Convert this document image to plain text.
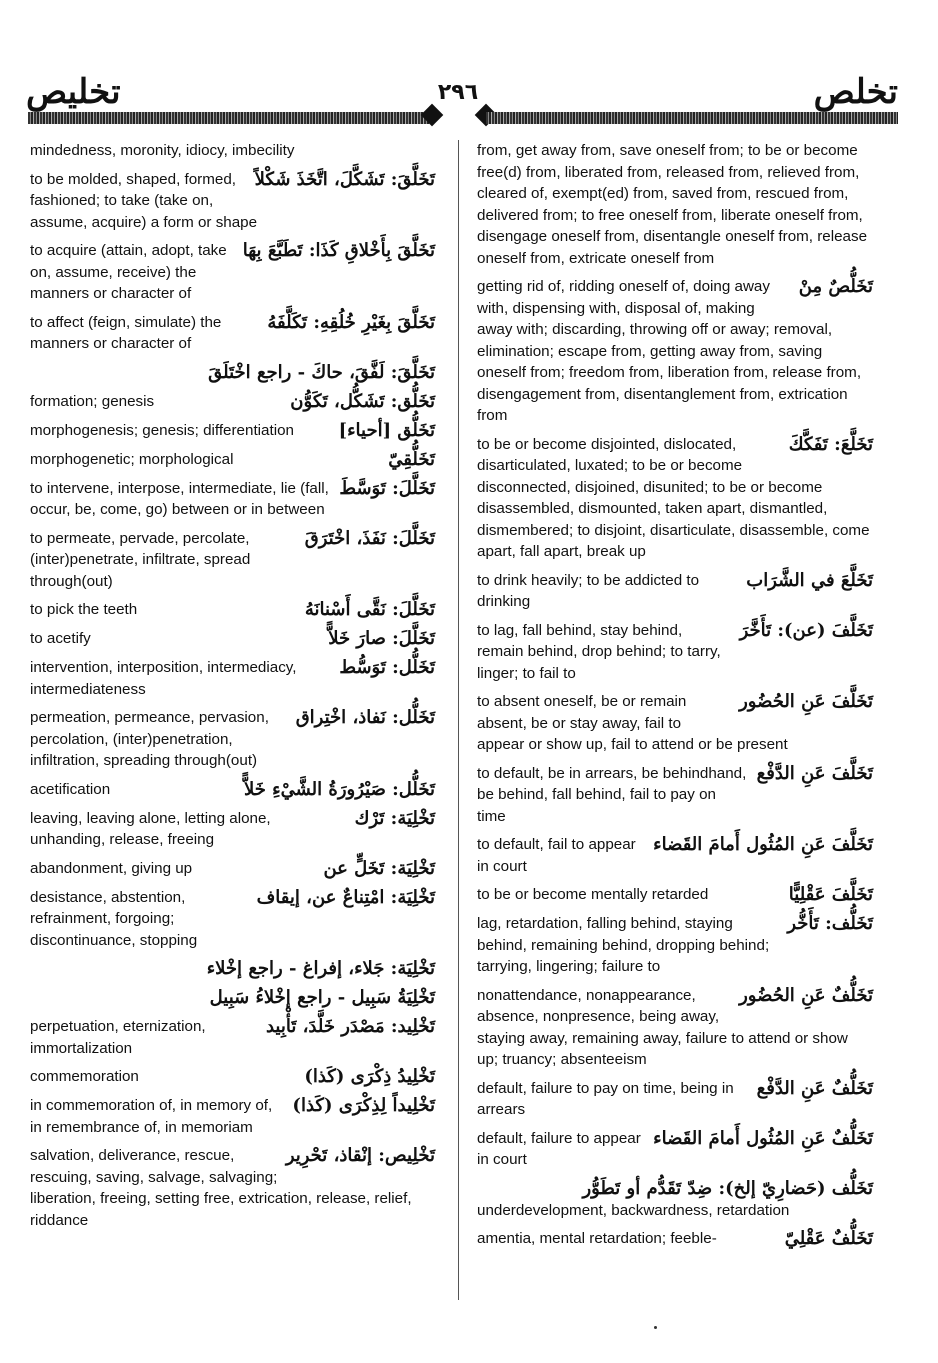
تخليص	٢٩٦	تخلص
mindedness, moronity, idiocy, imbecility
تَخَلَّقَ: تَشَكَّلَ، اتَّخَذَ شَكْلاً
to be molded, shaped, formed, fashioned; to take (take on, assume, acquire) a form or shape
تَخَلَّقَ بِأَخْلاقِ كَذَا: تَطَبَّعَ بِهَا
to acquire (attain, adopt, take on, assume, receive) the manners or character of
تَخَلَّقَ بِغَيْرِ خُلُقِهِ: تَكَلَّفَهُ
to affect (feign, simulate) the manners or character of
تَخَلَّقَ: لَفَّقَ، حاكَ - راجع اخْتَلَقَ
تَخَلُّق: تَشَكُّل، تَكَوُّن
formation; genesis
تَخَلُّق [أحياء]
morphogenesis; genesis; differentiation
تَخَلُّقِيّ
morphogenetic; morphological
تَخَلَّلَ: تَوَسَّطَ
to intervene, interpose, intermediate, lie (fall, occur, be, come, go) between or in between
تَخَلَّلَ: نَفَذَ، اخْتَرَقَ
to permeate, pervade, percolate, (inter)penetrate, infiltrate, spread through(out)
تَخَلَّلَ: نَقَّى أَسْنانَهُ
to pick the teeth
تَخَلَّلَ: صارَ خَلاًّ
to acetify
تَخَلُّل: تَوَسُّط
intervention, interposition, intermediacy, intermediateness
تَخَلُّل: نَفاذ، اخْتِراق
permeation, permeance, pervasion, percolation, (inter)penetration, infiltration, spreading through(out)
تَخَلُّل: صَيْرُورَةُ الشَّيْءِ خَلاًّ
acetification
تَخْلِيَة: تَرْك
leaving, leaving alone, letting alone, unhanding, release, freeing
تَخْلِيَة: تَخَلٍّ عن
abandonment, giving up
تَخْلِيَة: امْتِناعٌ عن، إيقاف
desistance, abstention, refrainment, forgoing; discontinuance, stopping
تَخْلِيَة: جَلاء، إفراغ - راجع إخْلاء
تَخْلِيَةُ سَبِيل - راجع إخْلاءُ سَبِيل
تَخْلِيد: مَصْدَر خَلَّدَ، تَأْبِيد
perpetuation, eternization, immortalization
تَخْلِيدُ ذِكْرَى (كَذا)
commemoration
تَخْلِيداً لِذِكْرَى (كَذا)
in commemoration of, in memory of, in remembrance of, in memoriam
تَخْلِيص: إنْقاذ، تَحْرِير
salvation, deliverance, rescue, rescuing, saving, salvage, salvaging; liberation, freeing, setting free, extrication, release, relief, riddance
from, get away from, save oneself from; to be or become free(d) from, liberated from, released from, relieved from, cleared of, exempt(ed) from, saved from, rescued from, delivered from; to free oneself from, liberate oneself from, disengage oneself from, disentangle oneself from, release oneself from, extricate oneself from
تَخَلُّصٌ مِنْ
getting rid of, ridding oneself of, doing away with, dispensing with, disposal of, making away with; discarding, throwing off or away; removal, elimination; escape from, getting away from, saving oneself from; freedom from, liberation from, release from, disengagement from, disentanglement from, extrication from
تَخَلَّعَ: تَفَكَّكَ
to be or become disjointed, dislocated, disarticulated, luxated; to be or become disconnected, disjoined, disunited; to be or become disassembled, dismounted, taken apart, dismantled, dismembered; to disjoint, disarticulate, disassemble, come apart, fall apart, break up
تَخَلَّعَ في الشَّرَاب
to drink heavily; to be addicted to drinking
تَخَلَّفَ (عن): تَأَخَّرَ
to lag, fall behind, stay behind, remain behind, drop behind; to tarry, linger; to fail to
تَخَلَّفَ عَنِ الحُضُور
to absent oneself, be or remain absent, be or stay away, fail to appear or show up, fail to attend or be present
تَخَلَّفَ عَنِ الدَّفْع
to default, be in arrears, be behindhand, be behind, fall behind, fail to pay on time
تَخَلَّفَ عَنِ المُثُول أَمامَ القَضاء
to default, fail to appear in court
تَخَلَّفَ عَقْلِيًّا
to be or become mentally retarded
تَخَلُّف: تَأَخُّر
lag, retardation, falling behind, staying behind, remaining behind, dropping behind; tarrying, lingering; failure to
تَخَلُّفٌ عَنِ الحُضُور
nonattendance, nonappearance, absence, nonpresence, being away, staying away, remaining away, failure to attend or show up; truancy; absenteeism
تَخَلُّفٌ عَنِ الدَّفْع
default, failure to pay on time, being in arrears
تَخَلُّفٌ عَنِ المُثُول أَمامَ القَضاء
default, failure to appear in court
تَخَلُّف (حَضارِيّ إلخ): ضِدّ تَقَدُّم أو تَطَوُّر
underdevelopment, backwardness, retardation
تَخَلُّفٌ عَقْلِيّ
amentia, mental retardation; feeble-
